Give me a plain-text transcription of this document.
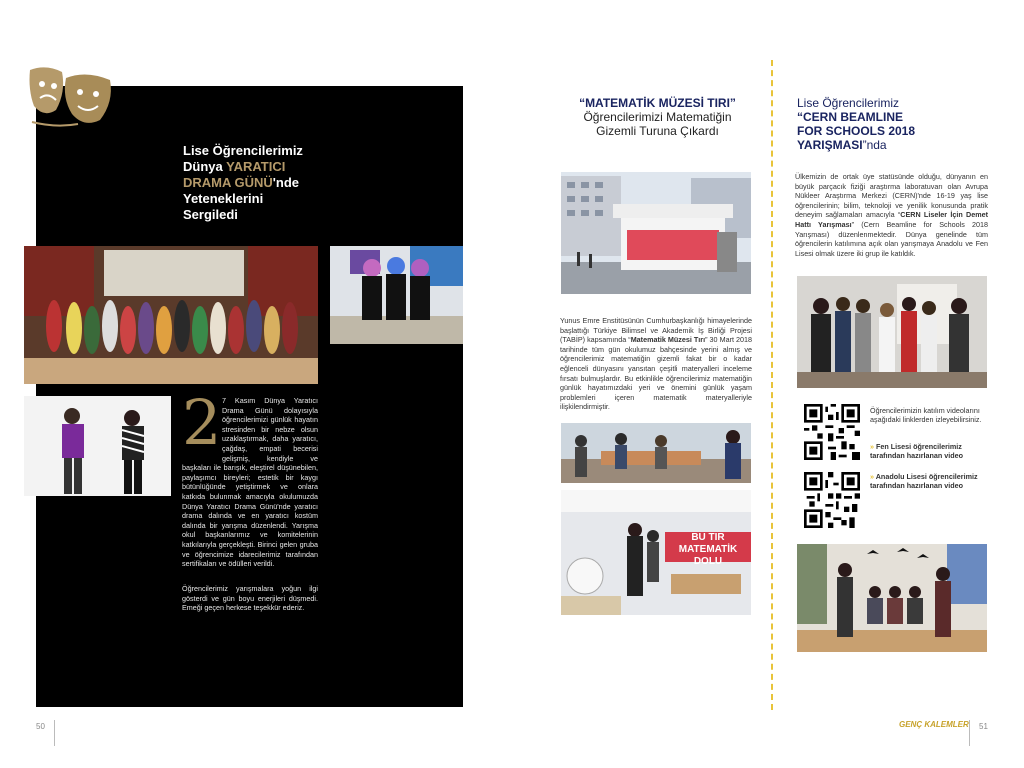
Lise Öğrencilerimiz
Dünya YARATICI
DRAMA GÜNÜ'nde
Yeteneklerini
Sergiledi
2 7 Kasım Dünya Yaratıcı Drama Günü dolayısıyla öğrencilerimizi günlük hayatın stresinden bir nebze olsun uzaklaştırmak, daha yaratıcı, çağdaş, empati becerisi gelişmiş, kendiyle ve başkaları ile barışık, eleştirel düşünebilen, paylaşımcı bireyleri; estetik bir kaygı bütünlüğünde yetiştirmek ve onlara katkıda bulunmak amacıyla okulumuzda Dünya Yaratıcı Drama Günü'nde yaratıcı drama dalında ve en yaratıcı kostüm dalında bir yarışma düzenlendi. Yarışma okul başkanlarımız ve komitelerinin katkılarıyla gerçekleşti. Birinci gelen gruba ve öğrencimize idarecilerimiz tarafından sertifikaları ve ödülleri verildi.
Öğrencilerimiz yarışmalara yoğun ilgi gösterdi ve gün boyu enerjileri düşmedi. Emeği geçen herkese teşekkür ederiz.
50
“MATEMATİK MÜZESİ TIRI”
Öğrencilerimizi Matematiğin
Gizemli Turuna Çıkardı
Yunus Emre Enstitüsünün Cumhurbaşkanlığı himayelerinde başlattığı Türkiye Bilimsel ve Akademik İş Birliği Projesi (TABİP) kapsamında “Matematik Müzesi Tırı” 30 Mart 2018 tarihinde tüm gün okulumuz bahçesinde yerini almış ve öğrencilerimiz matematiğin gizemli fakat bir o kadar eğlenceli dünyasını yansıtan çeşitli materyalleri inceleme fırsatı bulmuşlardır. Bu etkinlikle öğrencilerimiz matematiğin günlük hayatımızdaki yeri ve önemini günlük yaşam problemleri içeren matematik materyalleriyle ilişkilendirmiştir.
BU TIR MATEMATİK DOLU
Lise Öğrencilerimiz
“CERN BEAMLINE
FOR SCHOOLS 2018
YARIŞMASI”nda
Ülkemizin de ortak üye statüsünde olduğu, dünyanın en büyük parçacık fiziği araştırma laboratuvarı olan Avrupa Nükleer Araştırma Merkezi (CERN)'nde 16-19 yaş lise öğrencilerinin; bilim, teknoloji ve yenilik konusunda pratik deneyim sağlamaları amacıyla “CERN Liseler İçin Demet Hattı Yarışması” (Cern Beamline for Schools 2018 Yarışması) düzenlenmektedir. Dünya genelinde tüm öğrencilerin katılımına açık olan yarışmaya Anadolu ve Fen Lisesi olmak üzere iki grup ile katıldık.
Öğrencilerimizin katılım videolarını aşağıdaki linklerden izleyebilirsiniz.
» Fen Lisesi öğrencilerimiz tarafından hazırlanan video
» Anadolu Lisesi öğrencilerimiz tarafından hazırlanan video
GENÇ KALEMLER 51
